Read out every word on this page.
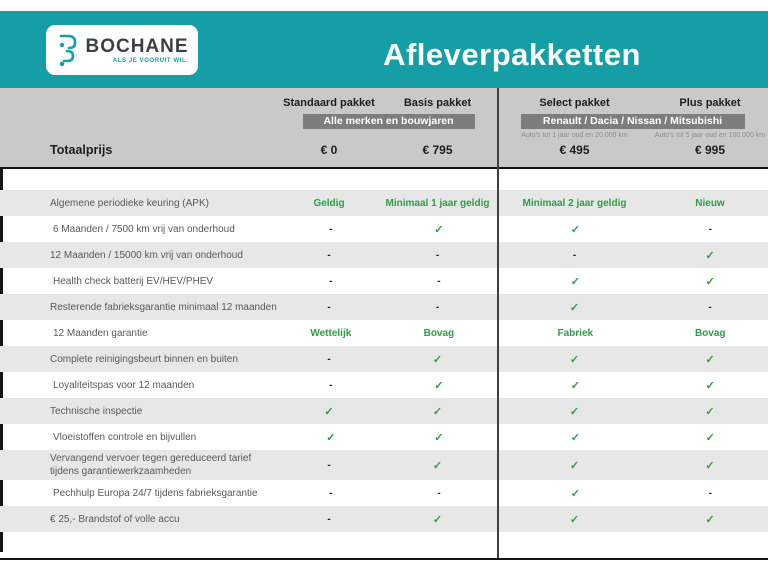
BOCHANE
ALS JE VOORUIT WIL.	Afleverpakketten
Standaard pakket	Basis pakket	Select pakket	Plus pakket
Alle merken en bouwjaren	Renault / Dacia / Nissan / Mitsubishi
Auto's tot 1 jaar oud en 20.000 km	Auto's tot 5 jaar oud en 100.000 km
Totaalprijs	€ 0	€ 795	€ 495	€ 995
Algemene periodieke keuring (APK)	Geldig	Minimaal 1 jaar geldig	Minimaal 2 jaar geldig	Nieuw
6 Maanden / 7500 km vrij van onderhoud	-	✓	✓	-
12 Maanden / 15000 km vrij van onderhoud	-	-	-	✓
Health check batterij EV/HEV/PHEV	-	-	✓	✓
Resterende fabrieksgarantie minimaal 12 maanden	-	-	✓	-
12 Maanden garantie	Wettelijk	Bovag	Fabriek	Bovag
Complete reinigingsbeurt binnen en buiten	-	✓	✓	✓
Loyaliteitspas voor 12 maanden	-	✓	✓	✓
Technische inspectie	✓	✓	✓	✓
Vloeistoffen controle en bijvullen	✓	✓	✓	✓
Vervangend vervoer tegen gereduceerd tarief tijdens garantiewerkzaamheden
-	✓	✓	✓
Pechhulp Europa 24/7 tijdens fabrieksgarantie	-	-	✓	-
€ 25,- Brandstof of volle accu	-	✓	✓	✓
